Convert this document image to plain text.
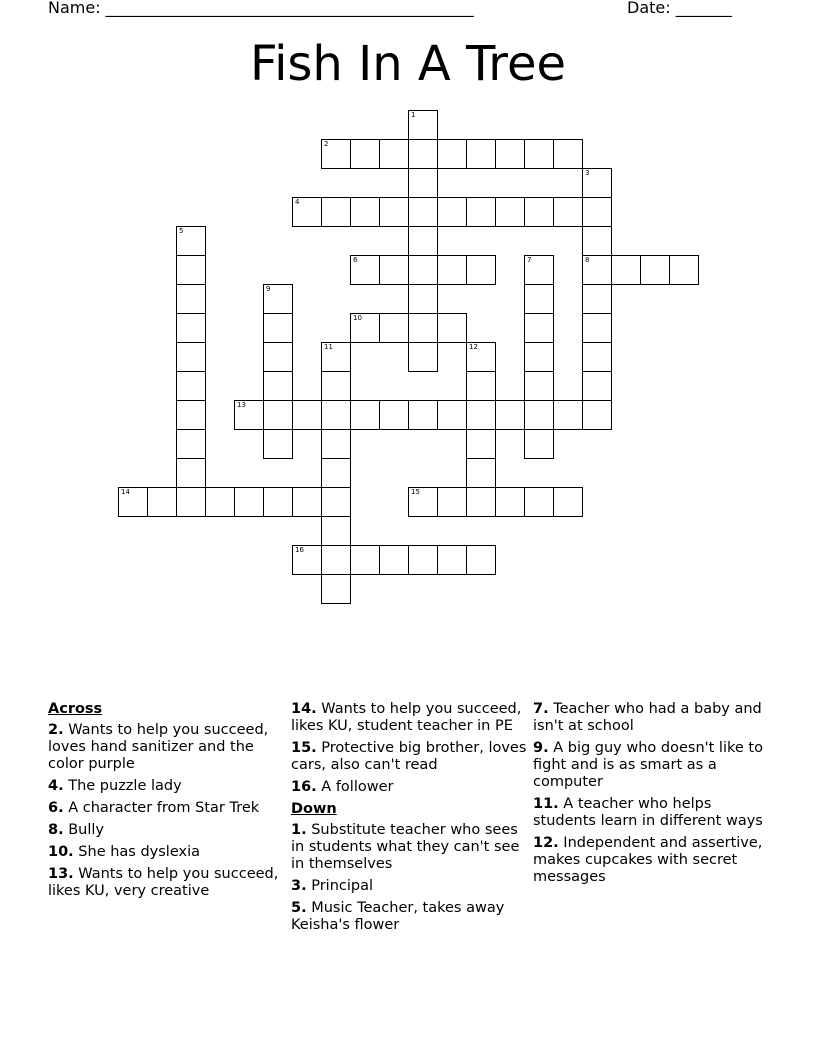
Name: ______________________________________________	Date: _______
Fish In A Tree
1
2
3
8
4
5
6	7
9
10
11	12
13
14	15
16
Across
2. Wants to help you succeed, loves hand sanitizer and the color purple
4. The puzzle lady
6. A character from Star Trek
8. Bully
10. She has dyslexia
13. Wants to help you succeed, likes KU, very creative
14. Wants to help you succeed, likes KU, student teacher in PE
15. Protective big brother, loves cars, also can't read
16. A follower
Down
1. Substitute teacher who sees in students what they can't see in themselves
3. Principal
5. Music Teacher, takes away Keisha's flower
7. Teacher who had a baby and isn't at school
9. A big guy who doesn't like to fight and is as smart as a computer
11. A teacher who helps students learn in different ways
12. Independent and assertive, makes cupcakes with secret messages
